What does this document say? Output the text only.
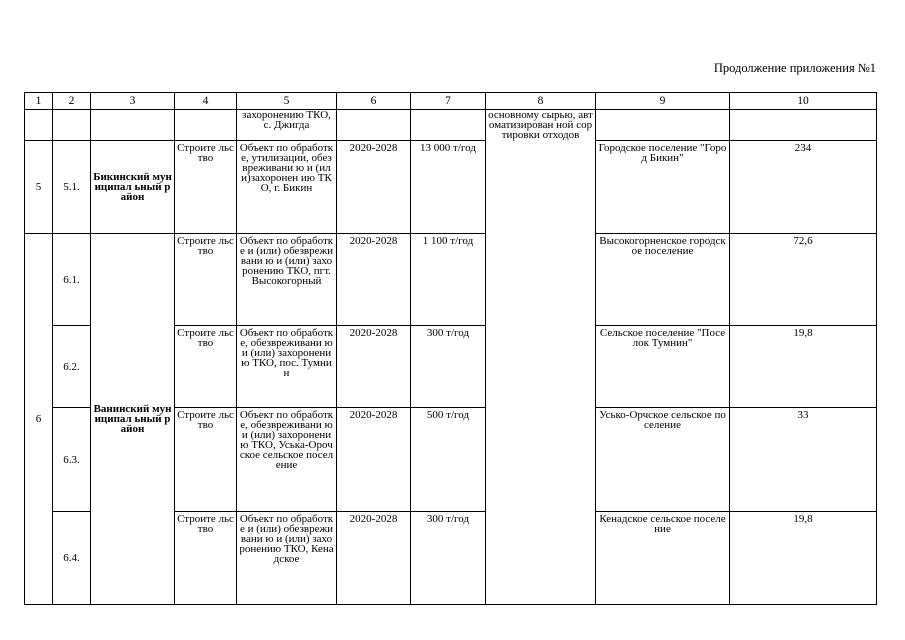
Продолжение приложения №1
1	2	3	4	5	6	7	8	9	10
				захоронению ТКО, с. Джигда			основному сырью, автоматизирован ной сортировки отходов		
5	5.1.	Бикинский муниципал ьный район	Строите льство	Объект по обработке, утилизации, обезвреживани ю и (или)захоронен ию ТКО, г. Бикин	2020-2028	13 000 т/год		Городское поселение "Город Бикин"	234
6	6.1.	Ванинский муниципал ьный район	Строите льство	Объект по обработке и (или) обезвреживани ю и (или) захоронению ТКО, пгт. Высокогорный	2020-2028	1 100 т/год		Высокогорненское городское поселение	72,6
	6.2.		Строите льство	Объект по обработке, обезвреживани ю и (или) захоронению ТКО, пос. Тумнин	2020-2028	300 т/год		Сельское поселение "Поселок Тумнин"	19,8
	6.3.		Строите льство	Объект по обработке, обезвреживани ю и (или) захоронению ТКО, Уська-Орочское сельское поселение	2020-2028	500 т/год		Усько-Орчское сельское поселение	33
	6.4.		Строите льство	Объект по обработке и (или) обезвреживани ю и (или) захоронению ТКО, Кенадское	2020-2028	300 т/год		Кенадское сельское поселение	19,8
